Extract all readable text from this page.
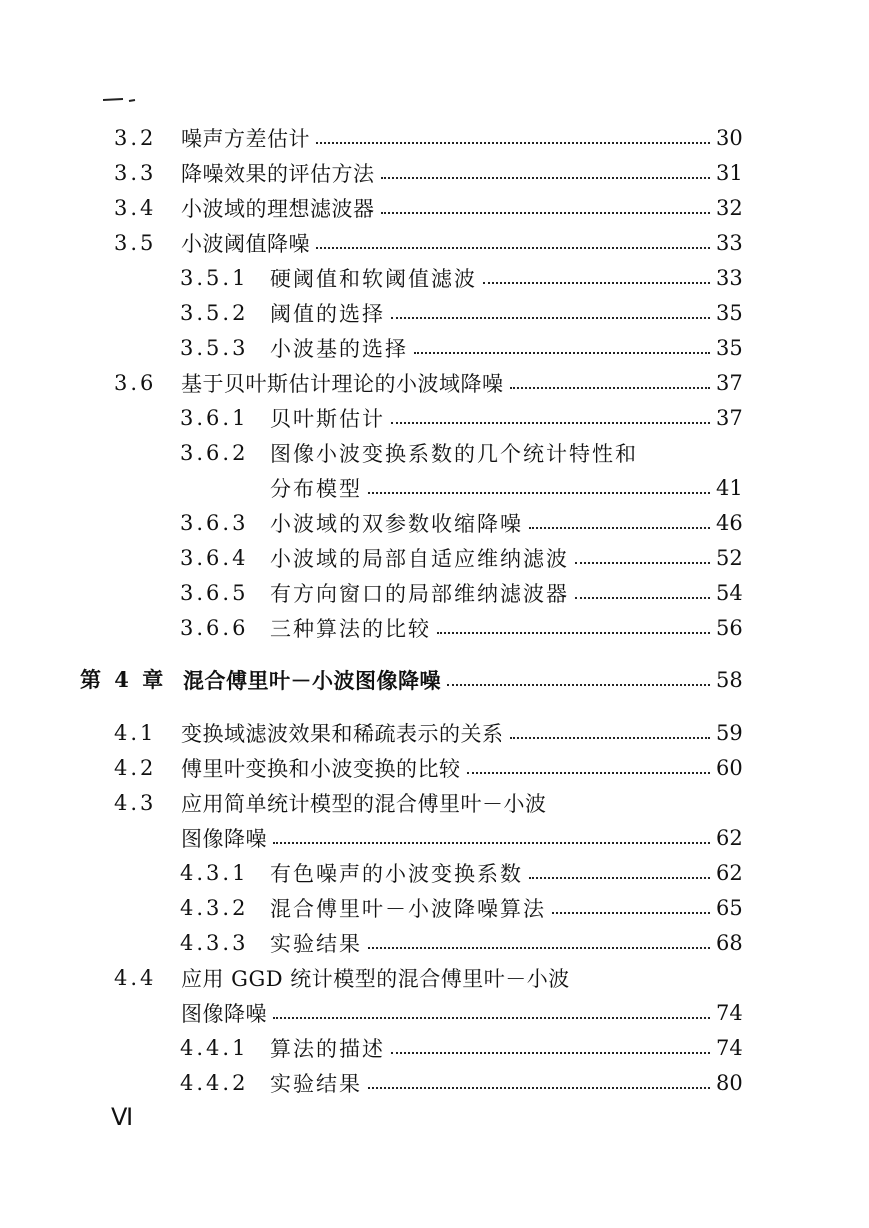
3.2 噪声方差估计	30
3.3 降噪效果的评估方法	31
3.4 小波域的理想滤波器	32
3.5 小波阈值降噪	33
3.5.1 硬阈值和软阈值滤波	33
3.5.2 阈值的选择	35
3.5.3 小波基的选择	35
3.6 基于贝叶斯估计理论的小波域降噪	37
3.6.1 贝叶斯估计	37
3.6.2 图像小波变换系数的几个统计特性和
分布模型	41
3.6.3 小波域的双参数收缩降噪	46
3.6.4 小波域的局部自适应维纳滤波	52
3.6.5 有方向窗口的局部维纳滤波器	54
3.6.6 三种算法的比较	56
第 4 章 混合傅里叶－小波图像降噪	58
4.1 变换域滤波效果和稀疏表示的关系	59
4.2 傅里叶变换和小波变换的比较	60
4.3 应用简单统计模型的混合傅里叶－小波
图像降噪	62
4.3.1 有色噪声的小波变换系数	62
4.3.2 混合傅里叶－小波降噪算法	65
4.3.3 实验结果	68
4.4 应用 GGD 统计模型的混合傅里叶－小波
图像降噪	74
4.4.1 算法的描述	74
4.4.2 实验结果	80
Ⅵ
